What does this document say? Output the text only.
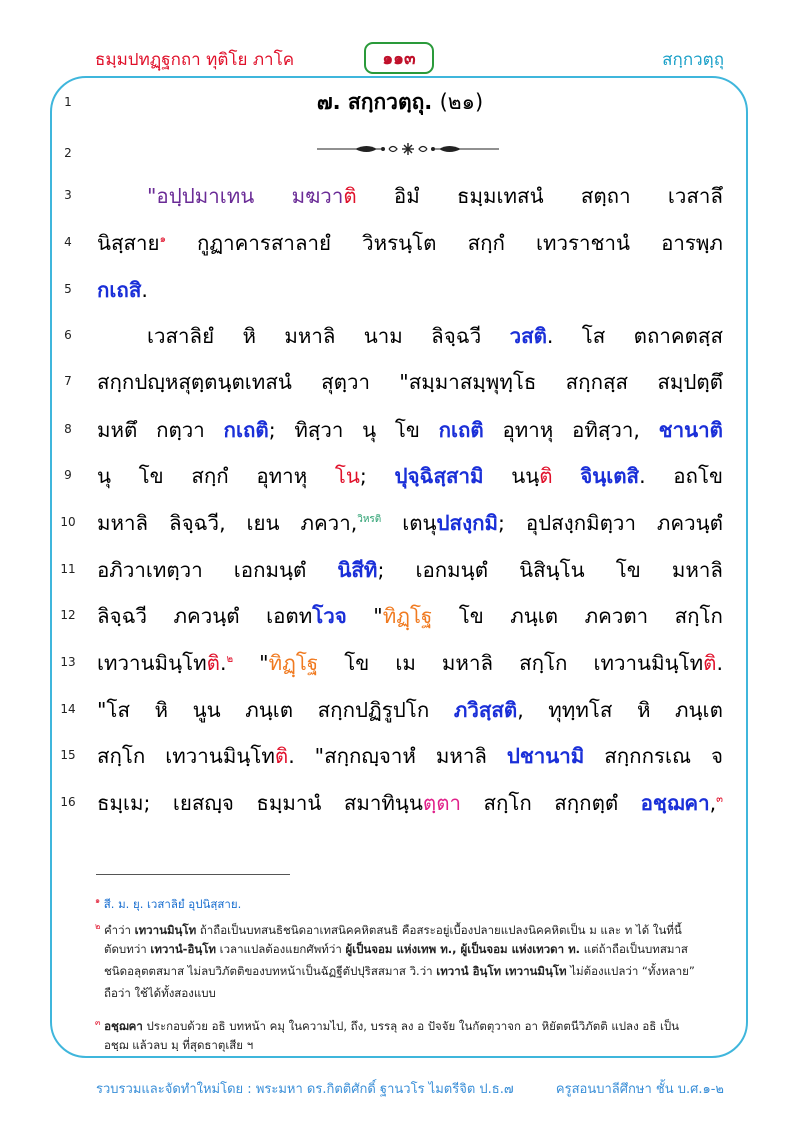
ธมฺมปทฏฺฐกถา ทุติโย ภาโค	๑๑๓	สกฺกวตฺถุ
1
2
3
4
5
6
7
8
9
10
11
12
13
14
15
16
๗. สกฺกวตฺถุ. (๒๑)
"อปฺปมาเทน มฆวาติ อิมํ ธมฺมเทสนํ สตฺถา เวสาลึ
นิสฺสาย$^๑$ กูฏาคารสาลายํ วิหรนฺโต สกฺกํ เทวราชานํ อารพฺภ
กเถสิ.
เวสาลิยํ หิ มหาลิ นาม ลิจฺฉวี วสติ. โส ตถาคตสฺส
สกฺกปญฺหสุตฺตนฺตเทสนํ สุตฺวา "สมฺมาสมฺพุทฺโธ สกฺกสฺส สมฺปตฺตึ
มหตึ กตฺวา กเถติ; ทิสฺวา นุ โข กเถติ อุทาหุ อทิสฺวา, ชานาติ
นุ โข สกฺกํ อุทาหุ โน; ปุจฺฉิสฺสามิ นนฺติ จินฺเตสิ. อถโข
มหาลิ ลิจฺฉวี, เยน ภควา,$^{วิหรติ}$ เตนุปสงฺกมิ; อุปสงฺกมิตฺวา ภควนฺตํ
อภิวาเทตฺวา เอกมนฺตํ นิสีทิ; เอกมนฺตํ นิสินฺโน โข มหาลิ
ลิจฺฉวี ภควนฺตํ เอตทโวจ "ทิฏฺโฐ โข ภนฺเต ภควตา สกฺโก
เทวานมินฺโทติ.$^๒$ "ทิฏฺโฐ โข เม มหาลิ สกฺโก เทวานมินฺโทติ.
"โส หิ นูน ภนฺเต สกฺกปฏิรูปโก ภวิสฺสติ, ทุทฺทโส หิ ภนฺเต
สกฺโก เทวานมินฺโทติ. "สกฺกญฺจาหํ มหาลิ ปชานามิ สกฺกกรเณ จ
ธมฺเม; เยสญฺจ ธมฺมานํ สมาทินฺนตฺตา สกฺโก สกฺกตฺตํ อชฺฌคา,$^๓$
$^๑$ สี. ม. ยุ. เวสาลิยํ อุปนิสฺสาย.
$^๒$ คำว่า เทวานมินฺโท ถ้าถือเป็นบทสนธิชนิดอาเทสนิคคหิตสนธิ คือสระอยู่เบื้องปลายแปลงนิคคหิตเป็น ม และ ท ได้ ในที่นี้
ตัดบทว่า เทวานํ-อินฺโท เวลาแปลต้องแยกศัพท์ว่า ผู้เป็นจอม แห่งเทพ ท., ผู้เป็นจอม แห่งเทวดา ท. แต่ถ้าถือเป็นบทสมาส
ชนิดอลุตตสมาส ไม่ลบวิภัตติของบทหน้าเป็นฉัฏฐีตัปปุริสสมาส วิ.ว่า เทวานํ อินฺโท เทวานมินฺโท ไม่ต้องแปลว่า “ทั้งหลาย”
ถือว่า ใช้ได้ทั้งสองแบบ
$^๓$ อชฺฌคา ประกอบด้วย อธิ บทหน้า คมุ ในความไป, ถึง, บรรลุ ลง อ ปัจจัย ในกัตตุวาจก อา หิยัตตนีวิภัตติ แปลง อธิ เป็น
อชฺฌ แล้วลบ มฺ ที่สุดธาตุเสีย ฯ
รวบรวมและจัดทำใหม่โดย : พระมหา ดร.กิตติศักดิ์ ฐานวโร ไมตรีจิต ป.ธ.๗	ครูสอนบาลีศึกษา ชั้น บ.ศ.๑-๒
